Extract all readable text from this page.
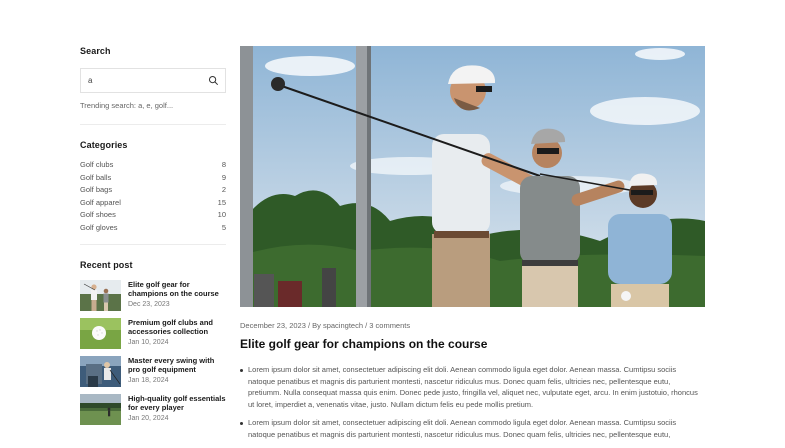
Search
a
Trending search: a, e, golf...
Categories
Golf clubs	8
Golf balls	9
Golf bags	2
Golf apparel	15
Golf shoes	10
Golf gloves	5
Recent post
Elite golf gear for champions on the course
Dec 23, 2023
Premium golf clubs and accessories collection
Jan 10, 2024
Master every swing with pro golf equipment
Jan 18, 2024
High-quality golf essentials for every player
Jan 20, 2024
December 23, 2023 / By spacingtech / 3 comments
Elite golf gear for champions on the course
Lorem ipsum dolor sit amet, consectetuer adipiscing elit doli. Aenean commodo ligula eget dolor. Aenean massa. Cumtipsu sociis natoque penatibus et magnis dis parturient montesti, nascetur ridiculus mus. Donec quam felis, ultricies nec, pellentesque eutu, pretiumm. Nulla consequat massa quis enim. Donec pede justo, fringilla vel, aliquet nec, vulputate eget, arcu. In enim justotuio, rhoncus ut loret, imperdiet a, venenatis vitae, justo. Nullam dictum felis eu pede mollis pretium.
Lorem ipsum dolor sit amet, consectetuer adipiscing elit doli. Aenean commodo ligula eget dolor. Aenean massa. Cumtipsu sociis natoque penatibus et magnis dis parturient montesti, nascetur ridiculus mus. Donec quam felis, ultricies nec, pellentesque eutu,
